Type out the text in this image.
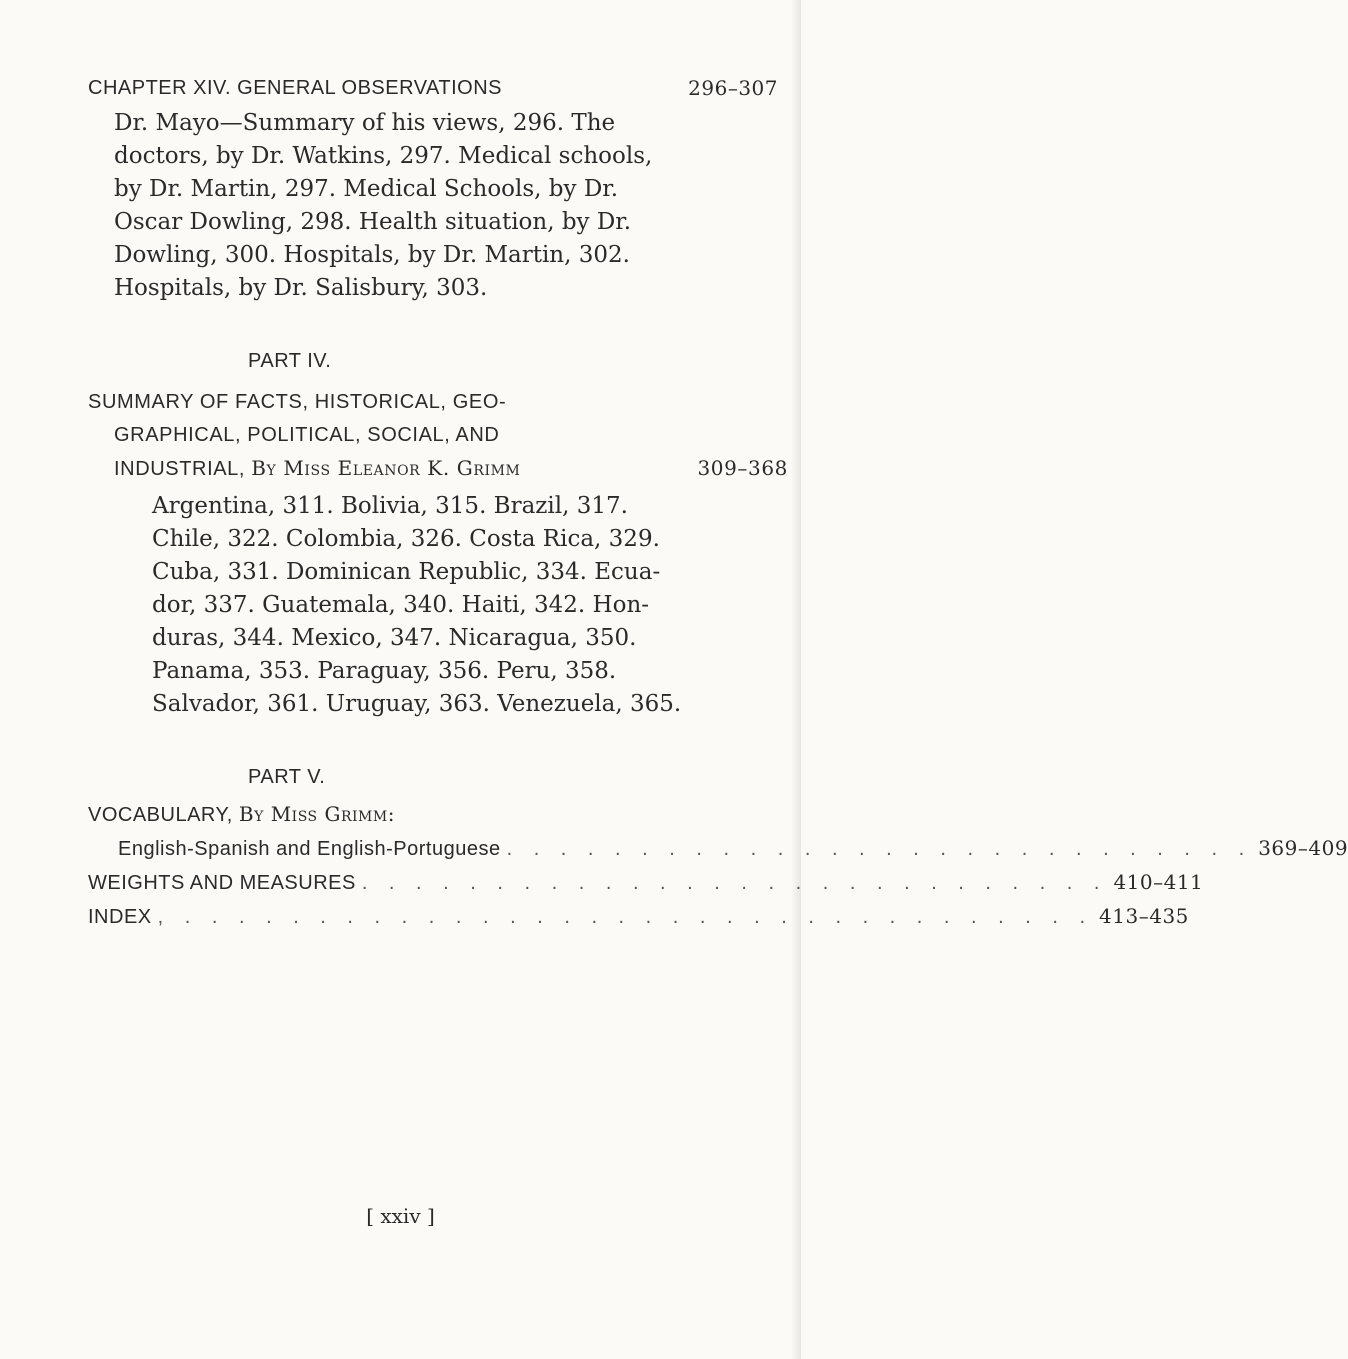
CHAPTER XIV. GENERAL OBSERVATIONS	296–307
Dr. Mayo—Summary of his views, 296. The
doctors, by Dr. Watkins, 297. Medical schools,
by Dr. Martin, 297. Medical Schools, by Dr.
Oscar Dowling, 298. Health situation, by Dr.
Dowling, 300. Hospitals, by Dr. Martin, 302.
Hospitals, by Dr. Salisbury, 303.
PART IV.
SUMMARY OF FACTS, HISTORICAL, GEO-
GRAPHICAL, POLITICAL, SOCIAL, AND
INDUSTRIAL, By Miss Eleanor K. Grimm	309–368
Argentina, 311. Bolivia, 315. Brazil, 317.
Chile, 322. Colombia, 326. Costa Rica, 329.
Cuba, 331. Dominican Republic, 334. Ecua-
dor, 337. Guatemala, 340. Haiti, 342. Hon-
duras, 344. Mexico, 347. Nicaragua, 350.
Panama, 353. Paraguay, 356. Peru, 358.
Salvador, 361. Uruguay, 363. Venezuela, 365.
PART V.
VOCABULARY, By Miss Grimm:
English-Spanish and English-Portuguese . . . . . . . . . . . . . . . . . . . . . . . . . . . . 369–409
WEIGHTS AND MEASURES . . . . . . . . . . . . . . . . . . . . . . . . . . . . 410–411
INDEX , . . . . . . . . . . . . . . . . . . . . . . . . . . . . . . . . . . 413–435
[ xxiv ]
